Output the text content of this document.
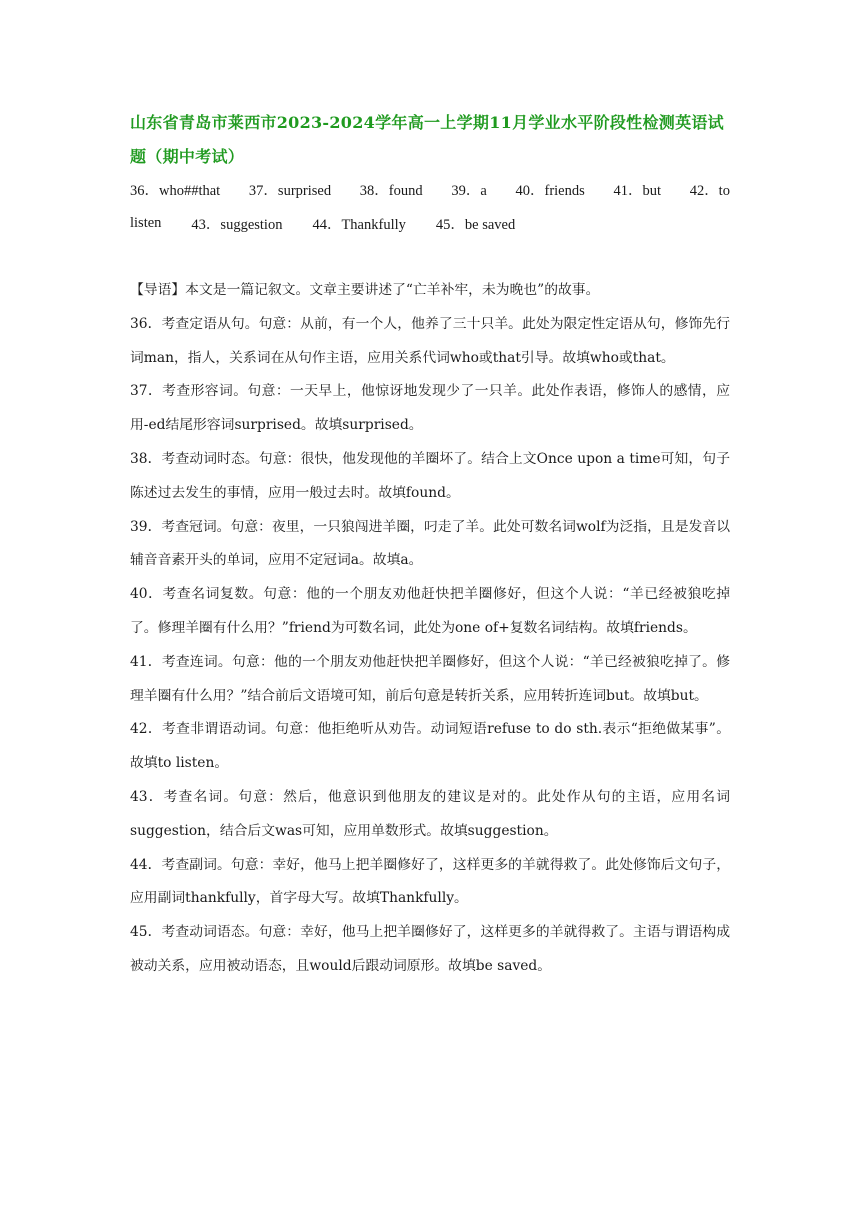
山东省青岛市莱西市2023-2024学年高一上学期11月学业水平阶段性检测英语试题（期中考试）
36．who##that 37．surprised 38．found 39．a 40．friends 41．but 42．to
listen 43．suggestion 44．Thankfully 45．be saved

【导语】本文是一篇记叙文。文章主要讲述了“亡羊补牢，未为晚也”的故事。

36．考查定语从句。句意：从前，有一个人，他养了三十只羊。此处为限定性定语从句，修饰先行词man，指人，关系词在从句作主语，应用关系代词who或that引导。故填who或that。

37．考查形容词。句意：一天早上，他惊讶地发现少了一只羊。此处作表语，修饰人的感情，应用-ed结尾形容词surprised。故填surprised。

38．考查动词时态。句意：很快，他发现他的羊圈坏了。结合上文Once upon a time可知，句子陈述过去发生的事情，应用一般过去时。故填found。

39．考查冠词。句意：夜里，一只狼闯进羊圈，叼走了羊。此处可数名词wolf为泛指，且是发音以辅音音素开头的单词，应用不定冠词a。故填a。

40．考查名词复数。句意：他的一个朋友劝他赶快把羊圈修好，但这个人说：“羊已经被狼吃掉了。修理羊圈有什么用？”friend为可数名词，此处为one of+复数名词结构。故填friends。

41．考查连词。句意：他的一个朋友劝他赶快把羊圈修好，但这个人说：“羊已经被狼吃掉了。修理羊圈有什么用？”结合前后文语境可知，前后句意是转折关系，应用转折连词but。故填but。

42．考查非谓语动词。句意：他拒绝听从劝告。动词短语refuse to do sth.表示“拒绝做某事”。故填to listen。

43．考查名词。句意：然后，他意识到他朋友的建议是对的。此处作从句的主语，应用名词suggestion，结合后文was可知，应用单数形式。故填suggestion。

44．考查副词。句意：幸好，他马上把羊圈修好了，这样更多的羊就得救了。此处修饰后文句子，应用副词thankfully，首字母大写。故填Thankfully。

45．考查动词语态。句意：幸好，他马上把羊圈修好了，这样更多的羊就得救了。主语与谓语构成被动关系，应用被动语态，且would后跟动词原形。故填be saved。
